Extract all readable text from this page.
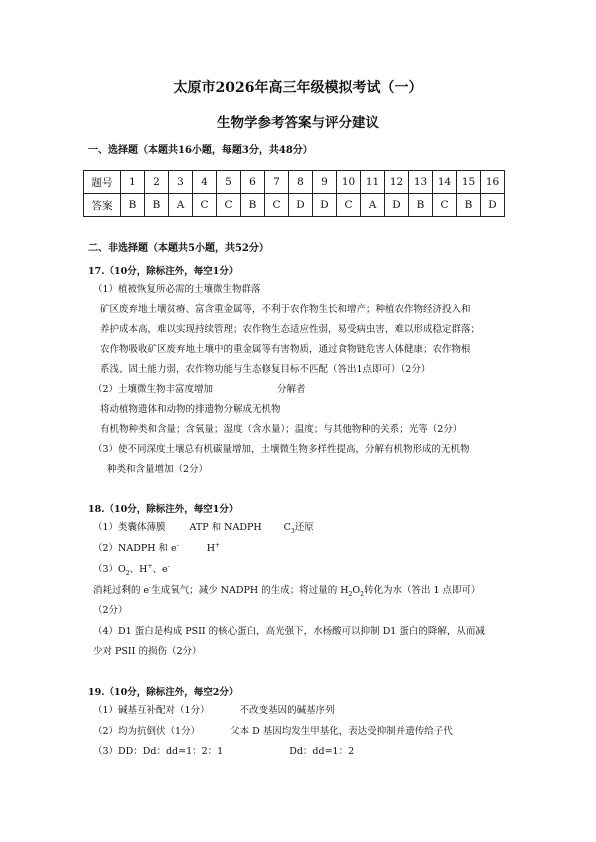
太原市2026年高三年级模拟考试（一）
生物学参考答案与评分建议
一、选择题（本题共16小题，每题3分，共48分）
题号	1	2	3	4	5	6	7	8	9	10	11	12	13	14	15	16
答案	B	B	A	C	C	B	C	D	D	C	A	D	B	C	B	D
二、非选择题（本题共5小题，共52分）
17.（10分，除标注外，每空1分）
（1）植被恢复所必需的土壤微生物群落
矿区废弃地土壤贫瘠、富含重金属等，不利于农作物生长和增产；种植农作物经济投入和
养护成本高，难以实现持续管理；农作物生态适应性弱，易受病虫害，难以形成稳定群落；
农作物吸收矿区废弃地土壤中的重金属等有害物质，通过食物链危害人体健康；农作物根
系浅、固土能力弱，农作物功能与生态修复目标不匹配（答出1点即可）（2分）
（2）土壤微生物丰富度增加	分解者
将动植物遗体和动物的排遗物分解成无机物
有机物种类和含量；含氧量；湿度（含水量）；温度；与其他物种的关系；光等（2分）
（3）使不同深度土壤总有机碳量增加，土壤微生物多样性提高，分解有机物形成的无机物
种类和含量增加（2分）
18.（10分，除标注外，每空1分）
（1）类囊体薄膜	ATP 和 NADPH $C_3$还原
（2）NADPH 和 e-	H+
$(3)O_2$、H+、e-
消耗过剩的 e-生成氧气；减少 NADPH 的生成；将过量的 $H_2O_2$转化为水（答出 1 点即可）
（2分）
（4）D1 蛋白是构成 PSII 的核心蛋白，高光强下，水杨酸可以抑制 D1 蛋白的降解，从而减
少对 PSII 的损伤（2分）
19.（10分，除标注外，每空2分）
（1）碱基互补配对（1分）	不改变基因的碱基序列
（2）均为抗倒伏（1分）	父本 D 基因均发生甲基化，表达受抑制并遗传给子代
（3）DD：Dd：dd=1：2：1	Dd：dd=1：2
